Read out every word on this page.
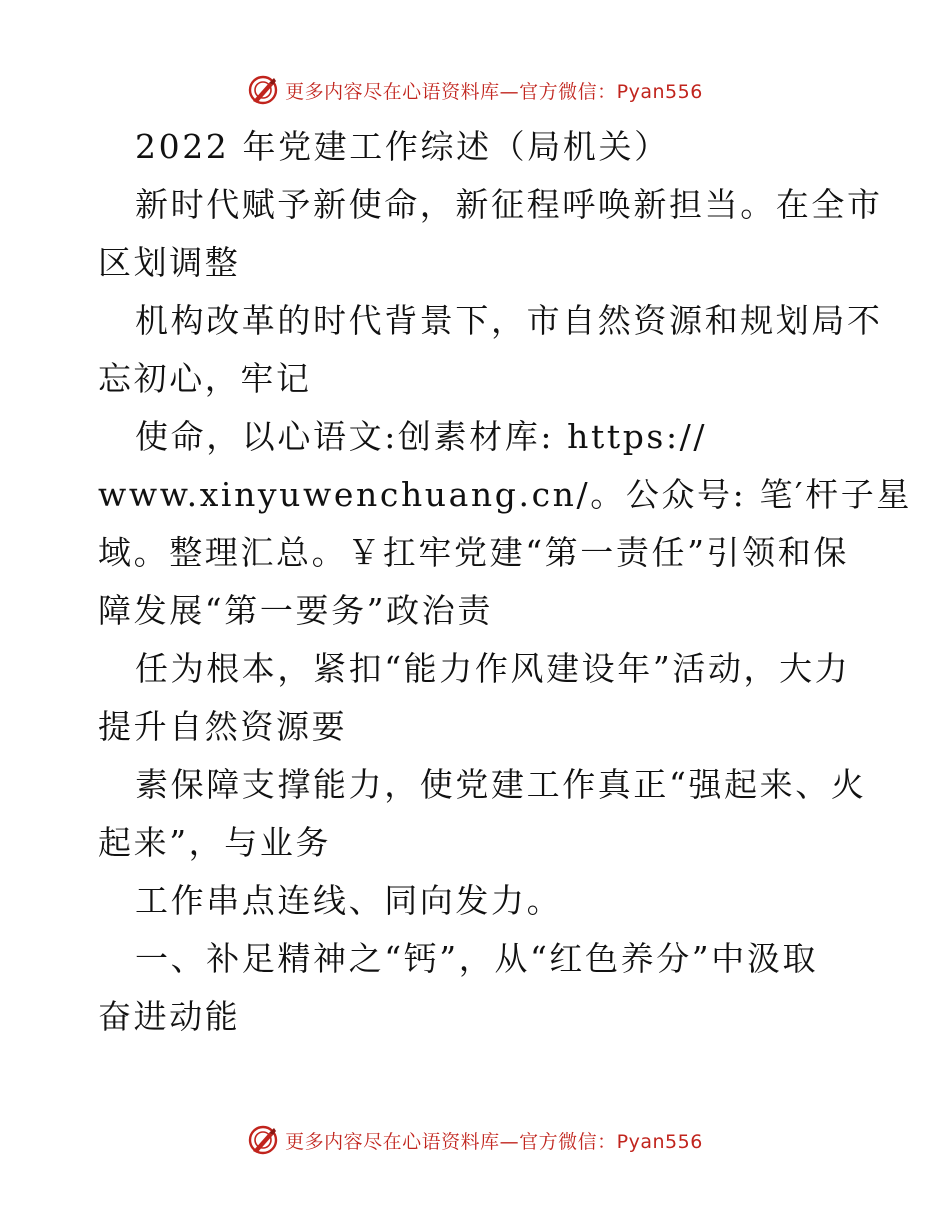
更多内容尽在心语资料库—官方微信：Pyan556
2022 年党建工作综述（局机关）
新时代赋予新使命，新征程呼唤新担当。在全市
区划调整
机构改革的时代背景下，市自然资源和规划局不
忘初心，牢记
使命，以心语文:创素材库: https://
www.xinyuwenchuang.cn/。公众号: 笔′杆子星
域。整理汇总。￥扛牢党建“第一责任”引领和保
障发展“第一要务”政治责
任为根本，紧扣“能力作风建设年”活动，大力
提升自然资源要
素保障支撑能力，使党建工作真正“强起来、火
起来”，与业务
工作串点连线、同向发力。
一、补足精神之“钙”，从“红色养分”中汲取
奋进动能
更多内容尽在心语资料库—官方微信：Pyan556
